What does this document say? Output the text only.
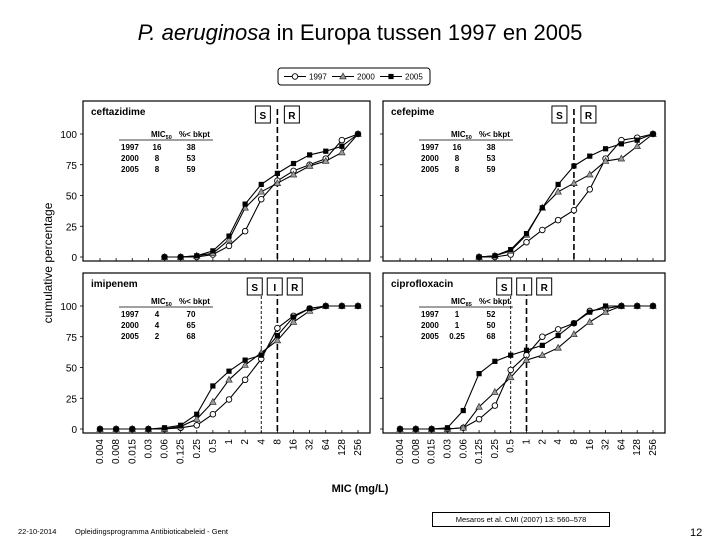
P. aeruginosa in Europa tussen 1997 en 2005
1997	2000	2005
cumulative percentage
MIC (mg/L)
ceftazidime
0
25
50
75
100
S R
$MIC_{50}$ %< bkpt
1997 16	38
2000 8	53
2005 8	59
cefepime	S R
$MIC_{50}$ %< bkpt
1997 16	38
2000 8	53
2005 8	59
imipenem
0
25
50
75
100
0.004 0.008 0.015 0.03 0.06 0.125 0.25 0.5 1 2 4 8 16 32 64 128 256
S I R
$MIC_{50}$ %< bkpt
1997 4	70
2000 4	65
2005 2	68
ciprofloxacin
0.004 0.008 0.015 0.03 0.06 0.125 0.25 0.5 1 2 4 8 16 32 64 128 256
S I R
$MIC_{85}$ %< bkpt
1997 1	52
2000 1	50
2005 0.25	68
22-10-2014 Opleidingsprogramma Antibioticabeleid - Gent
Mesaros et al. CMI (2007) 13: 560–578
12
